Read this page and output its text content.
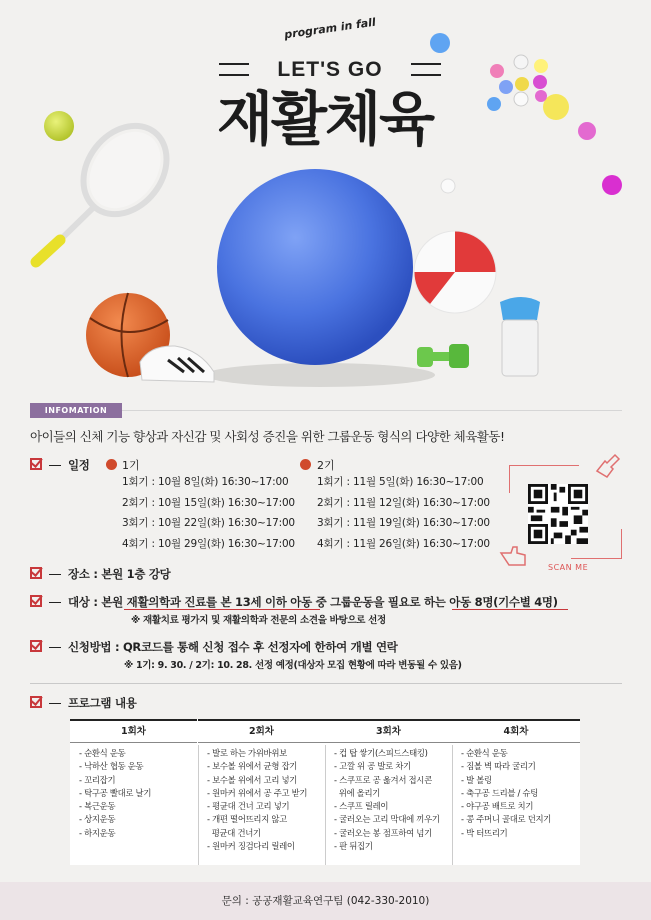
program in fall
LET'S GO
재활체육
INFOMATION
아이들의 신체 기능 향상과 자신감 및 사회성 증진을 위한 그룹운동 형식의 다양한 체육활동!
일정	1기
1회기 : 10월 8일(화) 16:30~17:00
2회기 : 10월 15일(화) 16:30~17:00
3회기 : 10월 22일(화) 16:30~17:00
4회기 : 10월 29일(화) 16:30~17:00
2기
1회기 : 11월 5일(화) 16:30~17:00
2회기 : 11월 12일(화) 16:30~17:00
3회기 : 11월 19일(화) 16:30~17:00
4회기 : 11월 26일(화) 16:30~17:00
SCAN ME
장소 : 본원 1층 강당
대상 : 본원 재활의학과 진료를 본 13세 이하 아동 중 그룹운동을 필요로 하는 아동 8명(기수별 4명)
※ 재활치료 평가지 및 재활의학과 전문의 소견을 바탕으로 선정
신청방법 : QR코드를 통해 신청 접수 후 선정자에 한하여 개별 연락
※ 1기: 9. 30. / 2기: 10. 28. 선정 예정(대상자 모집 현황에 따라 변동될 수 있음)
프로그램 내용
1회차
- 순환식 운동
- 낙하산 협동 운동
- 꼬리잡기
- 탁구공 빨대로 날기
- 복근운동
- 상지운동
- 하지운동
2회차
- 발로 하는 가위바위보
- 보수볼 위에서 균형 잡기
- 보수볼 위에서 고리 넣기
- 원마커 위에서 공 주고 받기
- 평균대 건너 고리 넣기
- 개편 떨어뜨리지 않고
평균대 건너기
- 원마커 징검다리 릴레이
3회차
- 컵 탑 쌓기(스피드스태킹)
- 고깔 위 공 발로 차기
- 스쿠프로 공 옮겨서 접시콘
위에 올리기
- 스쿠프 릴레이
- 굴러오는 고리 막대에 끼우기
- 굴러오는 봉 점프하여 넘기
- 판 뒤집기
4회차
- 순환식 운동
- 짐볼 벽 따라 굴리기
- 발 볼링
- 축구공 드리블 / 슈팅
- 야구공 배트로 치기
- 콩 주머니 골대로 던지기
- 박 터뜨리기
문의 : 공공재활교육연구팀 (042-330-2010)
